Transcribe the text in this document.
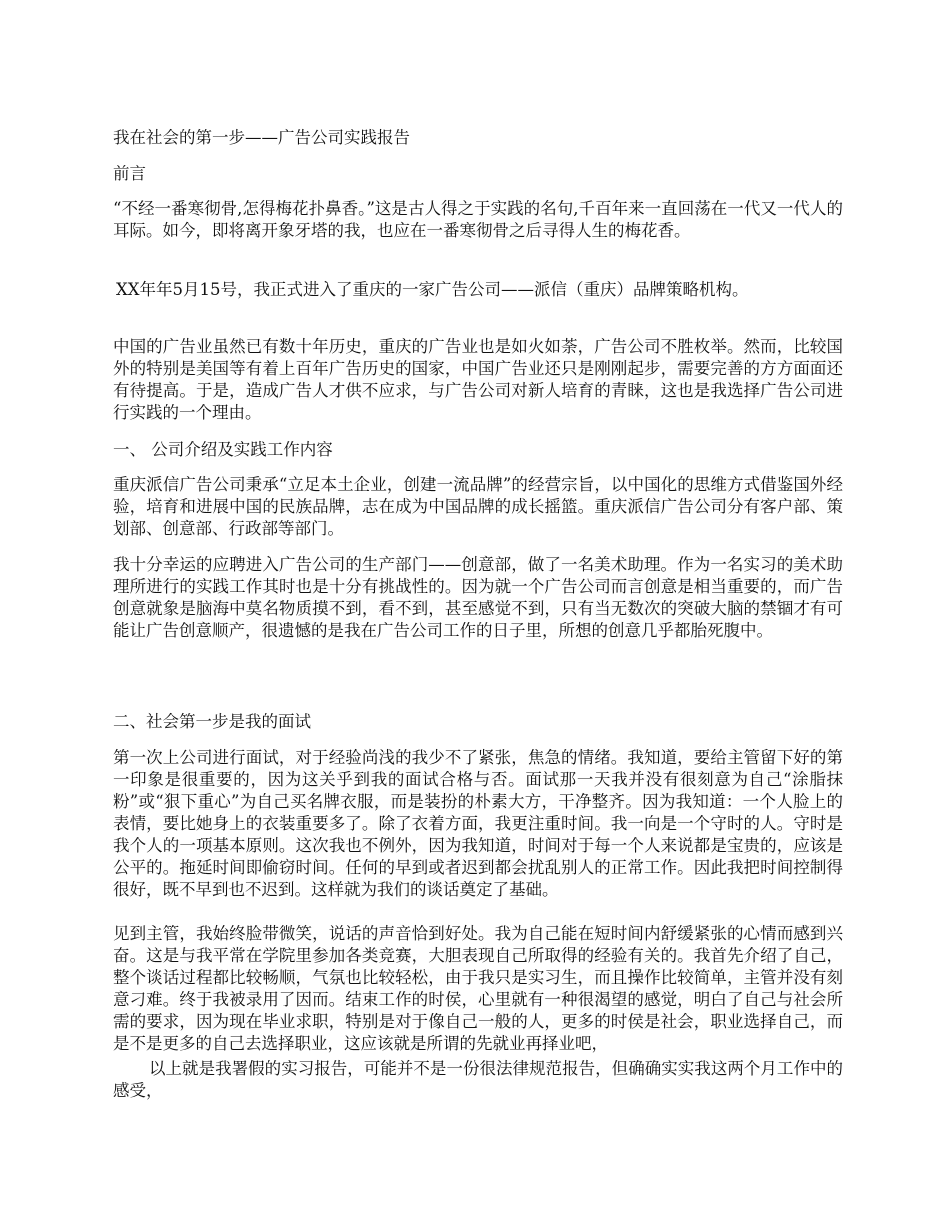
我在社会的第一步——广告公司实践报告

前言

“不经一番寒彻骨,怎得梅花扑鼻香。”这是古人得之于实践的名句,千百年来一直回荡在一代又一代人的耳际。如今，即将离开象牙塔的我，也应在一番寒彻骨之后寻得人生的梅花香。

XX年年5月15号，我正式进入了重庆的一家广告公司——派信（重庆）品牌策略机构。

中国的广告业虽然已有数十年历史，重庆的广告业也是如火如荼，广告公司不胜枚举。然而，比较国外的特别是美国等有着上百年广告历史的国家，中国广告业还只是刚刚起步，需要完善的方方面面还有待提高。于是，造成广告人才供不应求，与广告公司对新人培育的青睐，这也是我选择广告公司进行实践的一个理由。

一、 公司介绍及实践工作内容

重庆派信广告公司秉承“立足本土企业，创建一流品牌”的经营宗旨，以中国化的思维方式借鉴国外经验，培育和进展中国的民族品牌，志在成为中国品牌的成长摇篮。重庆派信广告公司分有客户部、策划部、创意部、行政部等部门。

我十分幸运的应聘进入广告公司的生产部门——创意部，做了一名美术助理。作为一名实习的美术助理所进行的实践工作其时也是十分有挑战性的。因为就一个广告公司而言创意是相当重要的，而广告创意就象是脑海中莫名物质摸不到，看不到，甚至感觉不到，只有当无数次的突破大脑的禁锢才有可能让广告创意顺产，很遗憾的是我在广告公司工作的日子里，所想的创意几乎都胎死腹中。

二、社会第一步是我的面试

第一次上公司进行面试，对于经验尚浅的我少不了紧张，焦急的情绪。我知道，要给主管留下好的第一印象是很重要的，因为这关乎到我的面试合格与否。面试那一天我并没有很刻意为自己“涂脂抹粉”或“狠下重心”为自己买名牌衣服，而是装扮的朴素大方，干净整齐。因为我知道：一个人脸上的表情，要比她身上的衣装重要多了。除了衣着方面，我更注重时间。我一向是一个守时的人。守时是我个人的一项基本原则。这次我也不例外，因为我知道，时间对于每一个人来说都是宝贵的，应该是公平的。拖延时间即偷窃时间。任何的早到或者迟到都会扰乱别人的正常工作。因此我把时间控制得很好，既不早到也不迟到。这样就为我们的谈话奠定了基础。

见到主管，我始终脸带微笑，说话的声音恰到好处。我为自己能在短时间内舒缓紧张的心情而感到兴奋。这是与我平常在学院里参加各类竞赛，大胆表现自己所取得的经验有关的。我首先介绍了自己，整个谈话过程都比较畅顺，气氛也比较轻松，由于我只是实习生，而且操作比较简单，主管并没有刻意刁难。终于我被录用了因而。结束工作的时侯，心里就有一种很渴望的感觉，明白了自己与社会所需的要求，因为现在毕业求职，特别是对于像自己一般的人，更多的时侯是社会，职业选择自己，而是不是更多的自己去选择职业，这应该就是所谓的先就业再择业吧，

以上就是我署假的实习报告，可能并不是一份很法律规范报告，但确确实实我这两个月工作中的感受，
